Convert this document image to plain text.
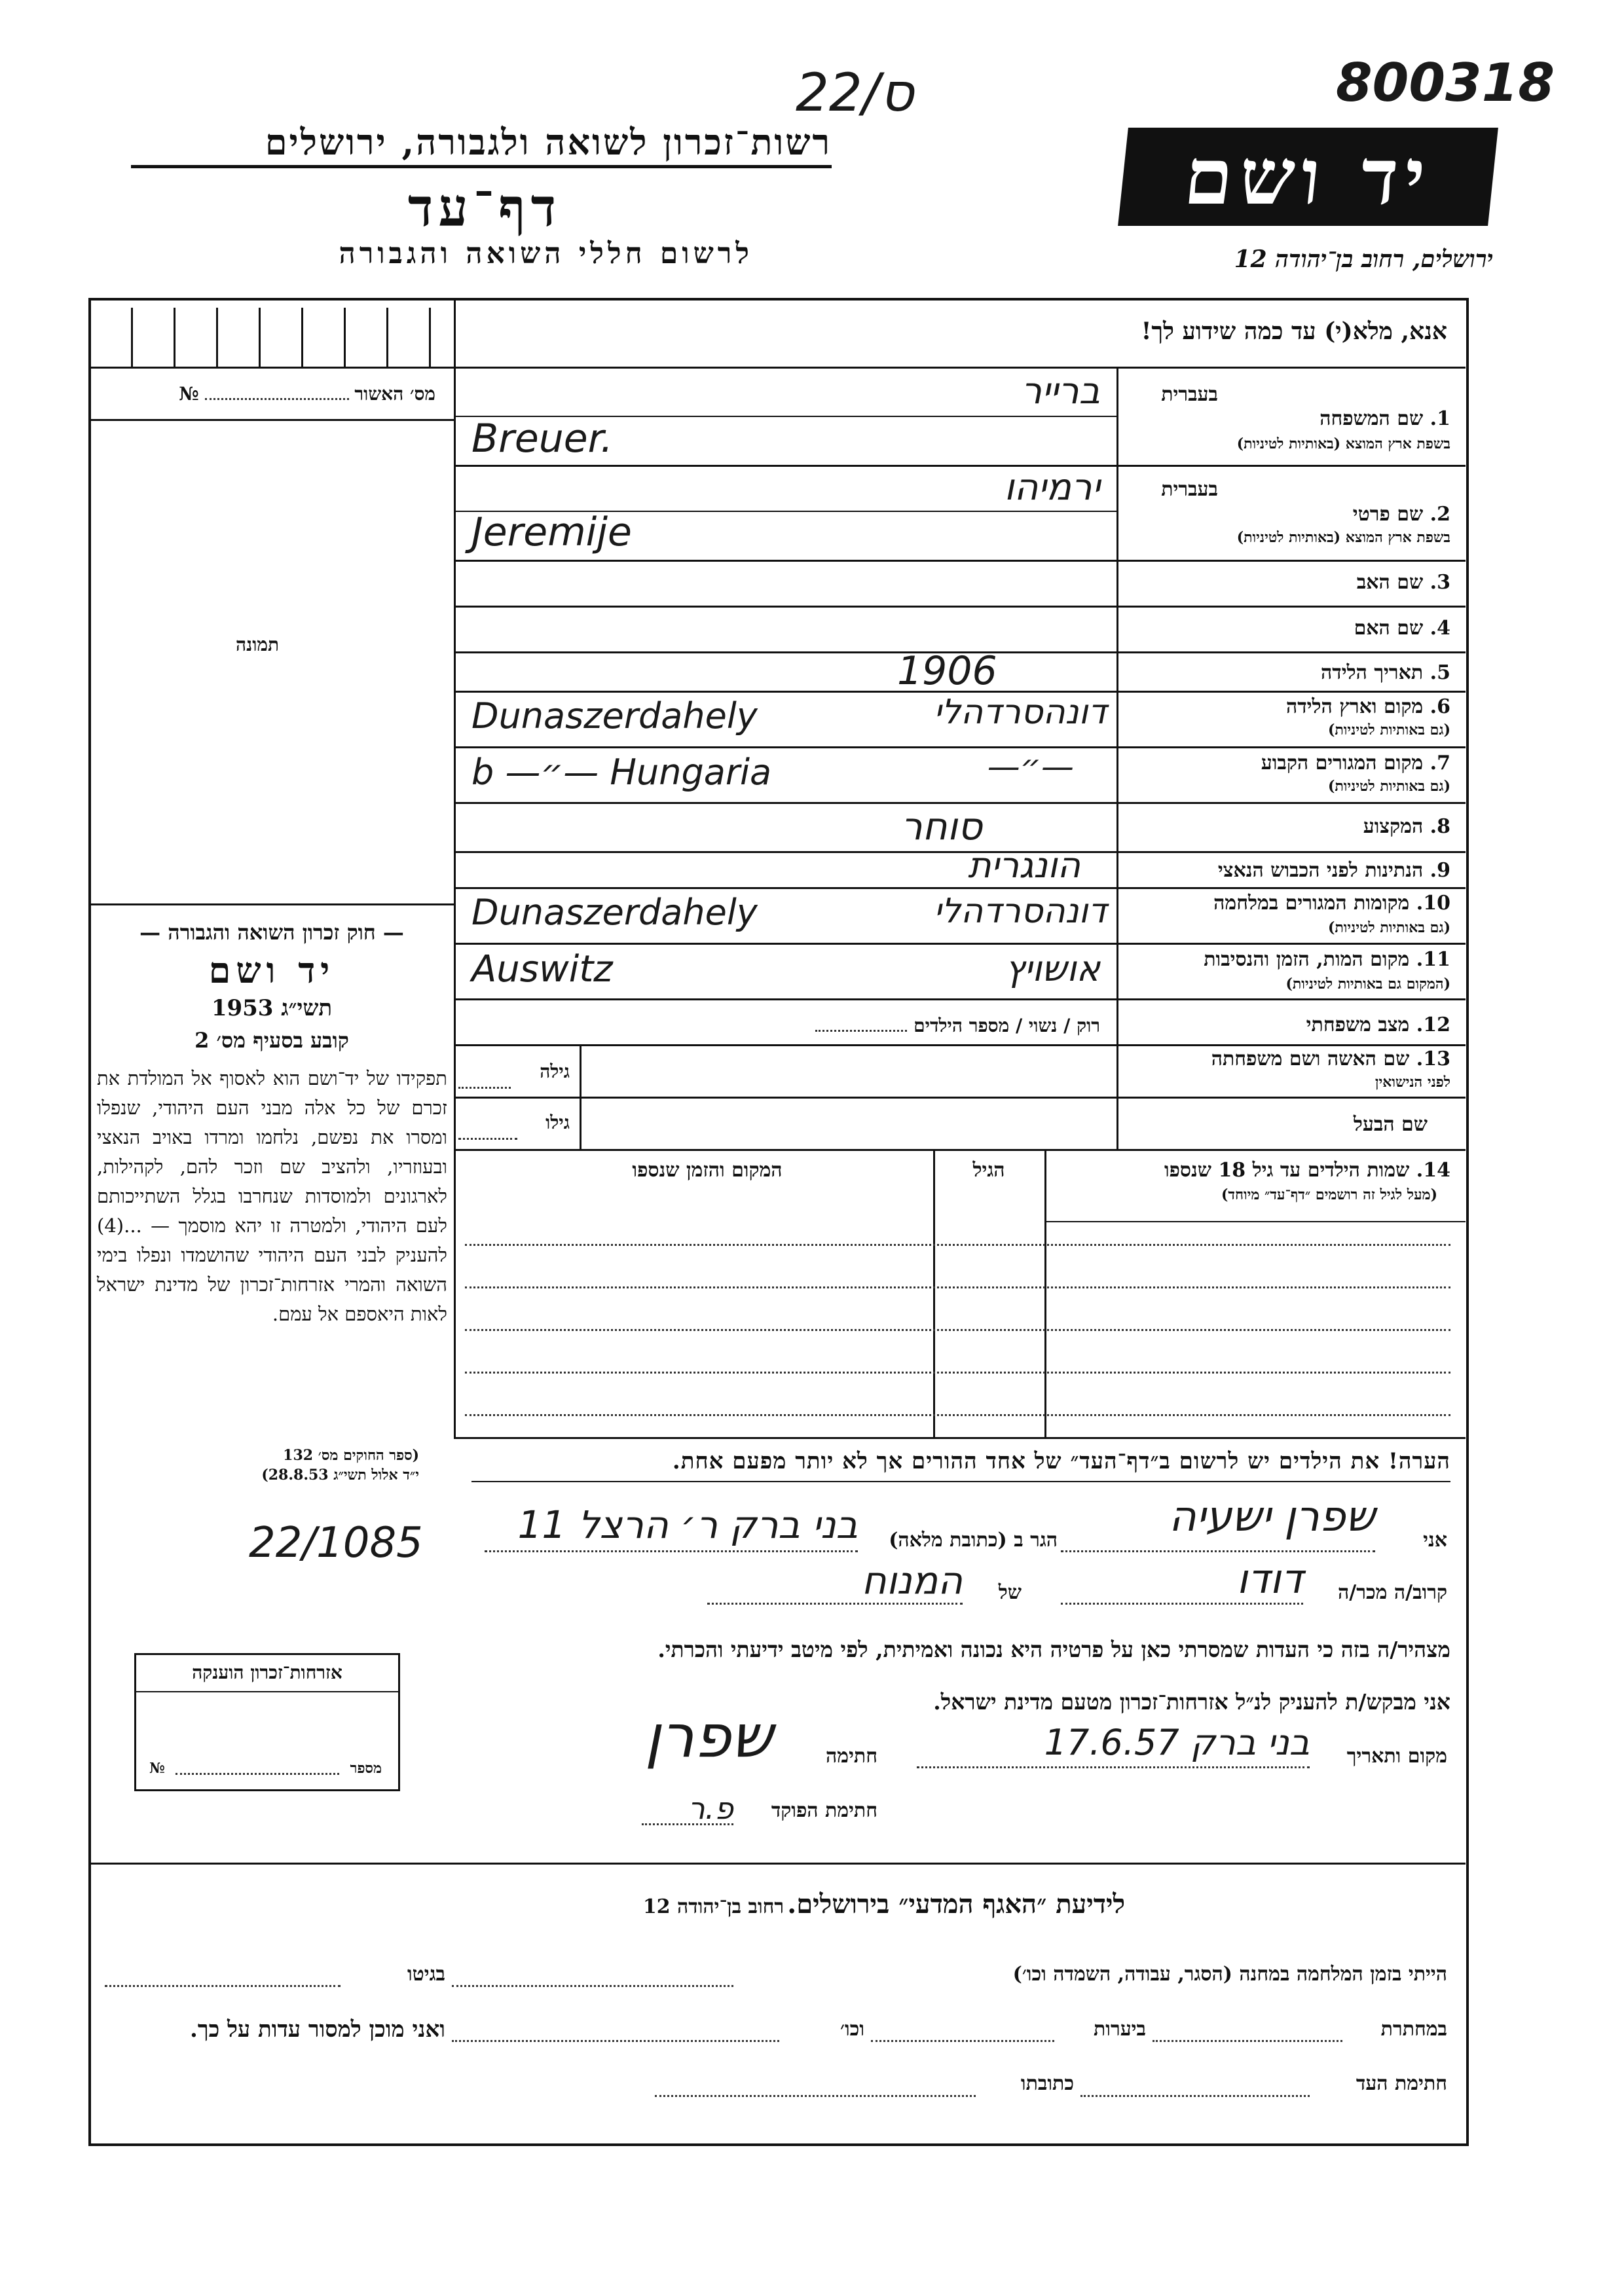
22/ס	800318
רשות־זכרון לשואה ולגבורה, ירושלים
דף־עד
לרשום חללי השואה והגבורה
יד ושם
ירושלים, רחוב בן־יהודה 12
אנא, מלא(י) עד כמה שידוע לך!
מס׳ האשור  №
תמונה
— חוק זכרון השואה והגבורה —
יד ושם
תשי״ג 1953
קובע בסעיף מס׳ 2
תפקידו של יד־ושם הוא לאסוף אל המולדת את זכרם של כל אלה מבני העם היהודי, שנפלו ומסרו את נפשם, נלחמו ומרדו באויב הנאצי ובעוזריו, ולהציב שם וזכר להם, לקהילות, לארגונים ולמוסדות שנחרבו בגלל השתייכותם לעם היהודי, ולמטרה זו יהא מוסמך — ...(4) להעניק לבני העם היהודי שהושמדו ונפלו בימי השואה והמרי אזרחות־זכרון של מדינת ישראל לאות היאספם אל עמם.
(ספר החוקים מס׳ 132
י״ד אלול תשי״ג 28.8.53)
בעברית
1. שם המשפחה
בשפת ארץ המוצא (באותיות לטיניות)
ברייר
Breuer.
בעברית
2. שם פרטי
בשפת ארץ המוצא (באותיות לטיניות)
ירמיהו
Jeremije
3. שם האב
4. שם האם
5. תאריך הלידה
1906
6. מקום וארץ הלידה
(גם באותיות לטיניות)
דונהסרדהלי
Dunaszerdahely
7. מקום המגורים הקבוע
(גם באותיות לטיניות)
—״—
b —״— Hungaria
8. המקצוע
סוחר
9. הנתינות לפני הכבוש הנאצי
הונגרית
10. מקומות המגורים במלחמה
(גם באותיות לטיניות)
דונהסרדהלי
Dunaszerdahely
11. מקום המות, הזמן והנסיבות
(המקום גם באותיות לטיניות)
אושויץ
Auswitz
12. מצב משפחתי
רוק / נשוי / מספר הילדים
13. שם האשה ושם משפחתה
לפני הנישואין
גילה
שם הבעל
גילו
14. שמות הילדים עד גיל 18 שנספו
(מעל לגיל זה רושמים ״דף־עד״ מיוחד)
הגיל
המקום והזמן שנספו
הערה! את הילדים יש לרשום ב״דף־העד״ של אחד ההורים אך לא יותר מפעם אחת.
22/1085	אני
שפרן ישעיה
הגר ב (כתובת מלאה)
בני ברק ר׳ הרצל 11
קרוב/ה מכר/ה
דודו
של
המנוח
מצהיר/ה בזה כי העדות שמסרתי כאן על פרטיה היא נכונה ואמיתית, לפי מיטב ידיעתי והכרתי.
אני מבקש/ת להעניק לנ״ל אזרחות־זכרון מטעם מדינת ישראל.
מקום ותאריך
בני ברק 17.6.57
חתימה
שפרן
חתימת הפוקד
פ.ר
אזרחות־זכרון הוענקה
מספר
№
לידיעת ״האגף המדעי״ בירושלים. רחוב בן־יהודה 12
הייתי בזמן המלחמה במחנה (הסגר, עבודה, השמדה וכו׳)
בגיטו
במחתרת
ביערות
וכו׳
ואני מוכן למסור עדות על כך.
חתימת העד
כתובתו
